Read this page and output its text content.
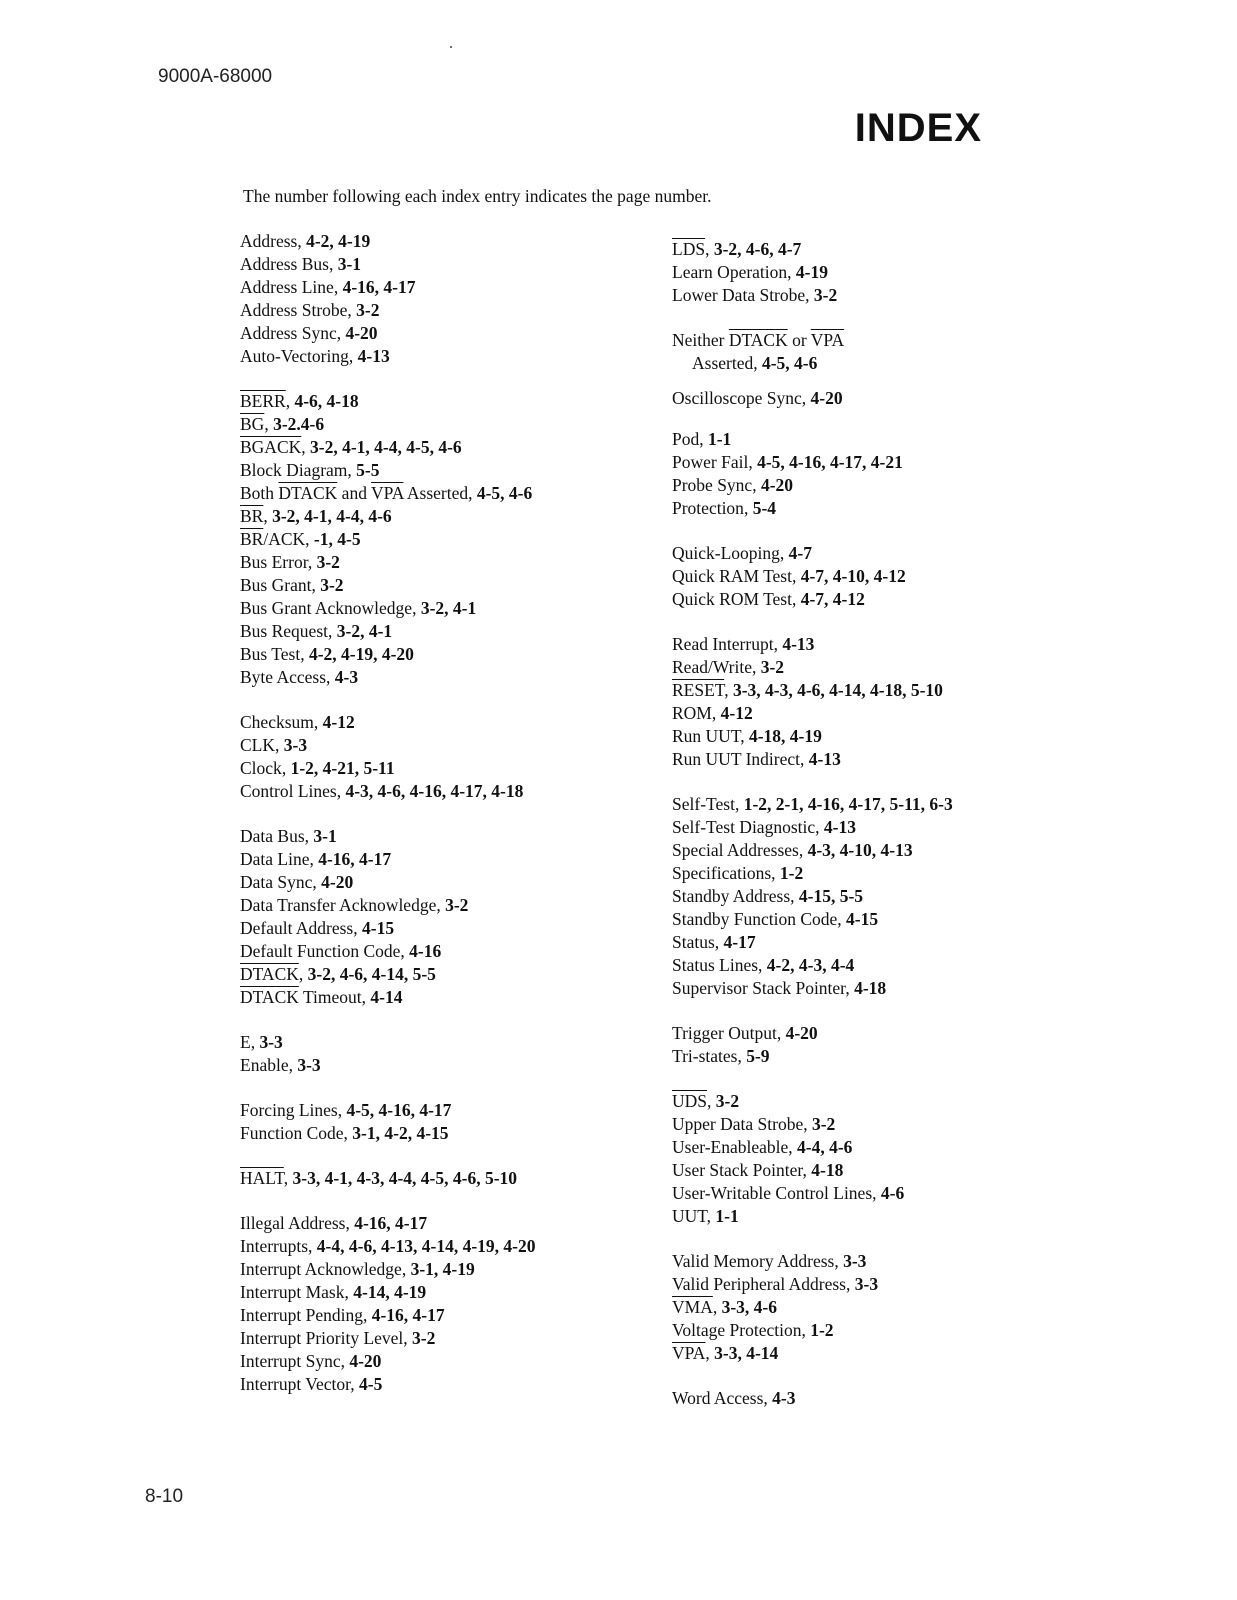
9000A-68000
INDEX
The number following each index entry indicates the page number.
Address, 4-2, 4-19
Address Bus, 3-1
Address Line, 4-16, 4-17
Address Strobe, 3-2
Address Sync, 4-20
Auto-Vectoring, 4-13
BERR, 4-6, 4-18
$\overline{BG}$, 3-2.4-6
BGACK, 3-2, 4-1, 4-4, 4-5, 4-6
Block Diagram, 5-5
Both DTACK and $\overline{VPA}$ Asserted, 4-5, 4-6
$\overline{BR}$, 3-2, 4-1, 4-4, 4-6
$\overline{BR}$/ACK, -1, 4-5
Bus Error, 3-2
Bus Grant, 3-2
Bus Grant Acknowledge, 3-2, 4-1
Bus Request, 3-2, 4-1
Bus Test, 4-2, 4-19, 4-20
Byte Access, 4-3
Checksum, 4-12
CLK, 3-3
Clock, 1-2, 4-21, 5-11
Control Lines, 4-3, 4-6, 4-16, 4-17, 4-18
Data Bus, 3-1
Data Line, 4-16, 4-17
Data Sync, 4-20
Data Transfer Acknowledge, 3-2
Default Address, 4-15
Default Function Code, 4-16
DTACK, 3-2, 4-6, 4-14, 5-5
DTACK Timeout, 4-14
E, 3-3
Enable, 3-3
Forcing Lines, 4-5, 4-16, 4-17
Function Code, 3-1, 4-2, 4-15
HALT, 3-3, 4-1, 4-3, 4-4, 4-5, 4-6, 5-10
Illegal Address, 4-16, 4-17
Interrupts, 4-4, 4-6, 4-13, 4-14, 4-19, 4-20
Interrupt Acknowledge, 3-1, 4-19
Interrupt Mask, 4-14, 4-19
Interrupt Pending, 4-16, 4-17
Interrupt Priority Level, 3-2
Interrupt Sync, 4-20
Interrupt Vector, 4-5
$\overline{LDS}$, 3-2, 4-6, 4-7
Learn Operation, 4-19
Lower Data Strobe, 3-2
Neither DTACK or $\overline{VPA}$
Asserted, 4-5, 4-6
Oscilloscope Sync, 4-20
Pod, 1-1
Power Fail, 4-5, 4-16, 4-17, 4-21
Probe Sync, 4-20
Protection, 5-4
Quick-Looping, 4-7
Quick RAM Test, 4-7, 4-10, 4-12
Quick ROM Test, 4-7, 4-12
Read Interrupt, 4-13
Read/Write, 3-2
RESET, 3-3, 4-3, 4-6, 4-14, 4-18, 5-10
ROM, 4-12
Run UUT, 4-18, 4-19
Run UUT Indirect, 4-13
Self-Test, 1-2, 2-1, 4-16, 4-17, 5-11, 6-3
Self-Test Diagnostic, 4-13
Special Addresses, 4-3, 4-10, 4-13
Specifications, 1-2
Standby Address, 4-15, 5-5
Standby Function Code, 4-15
Status, 4-17
Status Lines, 4-2, 4-3, 4-4
Supervisor Stack Pointer, 4-18
Trigger Output, 4-20
Tri-states, 5-9
$\overline{UDS}$, 3-2
Upper Data Strobe, 3-2
User-Enableable, 4-4, 4-6
User Stack Pointer, 4-18
User-Writable Control Lines, 4-6
UUT, 1-1
Valid Memory Address, 3-3
Valid Peripheral Address, 3-3
$\overline{VMA}$, 3-3, 4-6
Voltage Protection, 1-2
$\overline{VPA}$, 3-3, 4-14
Word Access, 4-3
8-10
